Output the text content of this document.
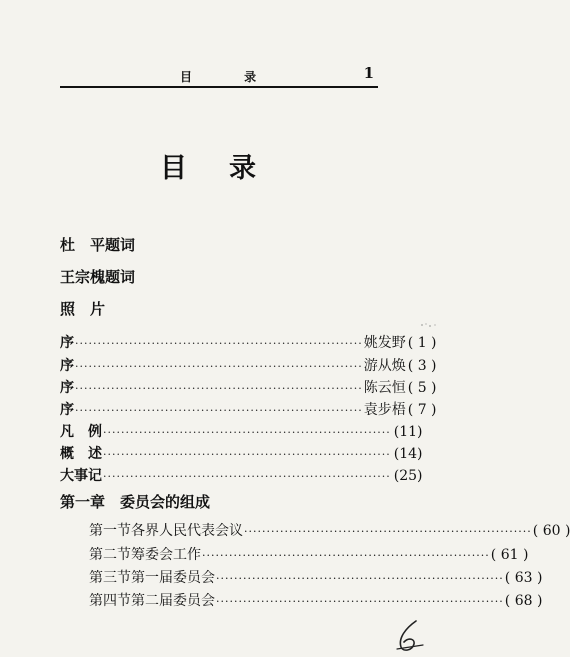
目 录	1
目录
杜　平题词
王宗槐题词
照　片
序 ································································ 姚发野 ( 1 )
序 ································································ 游从焕 ( 3 )
序 ································································ 陈云恒 ( 5 )
序 ································································ 袁步梧 ( 7 )
凡　例 ································································ (11)
概　述 ································································ (14)
大事记 ································································ (25)
第一章　委员会的组成
第一节 各界人民代表会议 ································································ ( 60 )
第二节 筹委会工作 ································································ ( 61 )
第三节 第一届委员会 ································································ ( 63 )
第四节 第二届委员会 ································································ ( 68 )
